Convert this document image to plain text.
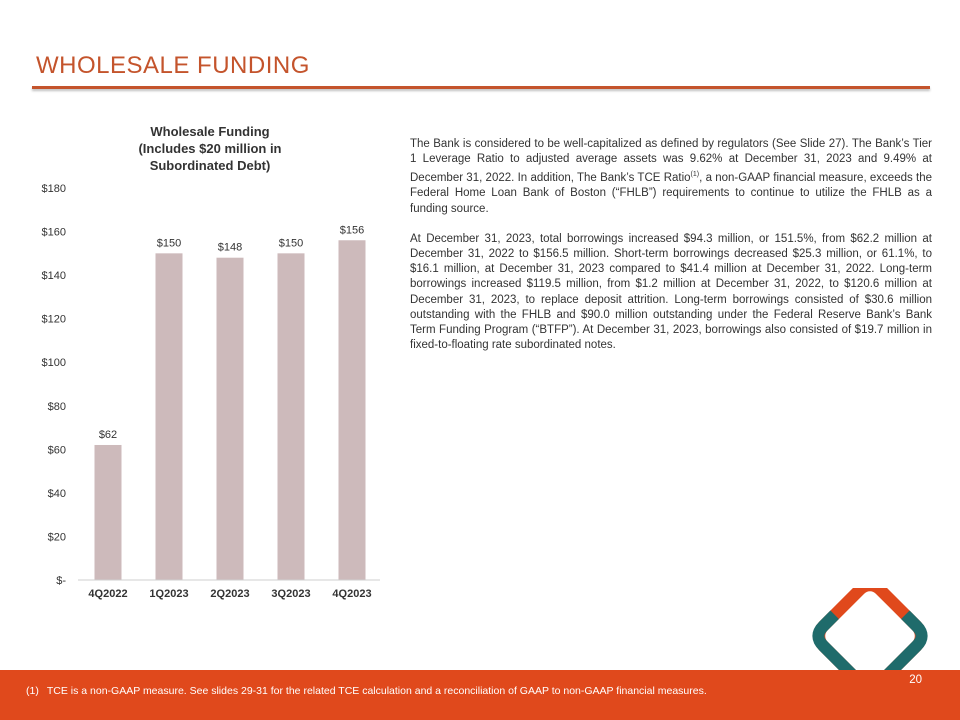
WHOLESALE FUNDING
Wholesale Funding
(Includes $20 million in
Subordinated Debt)
$-
$20
$40
$60
$80
$100
$120
$140
$160
$180
$62
4Q2022
$150
1Q2023
$148
2Q2023
$150
3Q2023
$156
4Q2023

The Bank is considered to be well-capitalized as defined by regulators (See Slide 27). The Bank’s Tier 1 Leverage Ratio to adjusted average assets was 9.62% at December 31, 2023 and 9.49% at December 31, 2022. In addition, The Bank’s TCE Ratio$^{(1)}$, a non-GAAP financial measure, exceeds the Federal Home Loan Bank of Boston (“FHLB”) requirements to continue to utilize the FHLB as a funding source.

At December 31, 2023, total borrowings increased $94.3 million, or 151.5%, from $62.2 million at December 31, 2022 to $156.5 million. Short-term borrowings decreased $25.3 million, or 61.1%, to $16.1 million, at December 31, 2023 compared to $41.4 million at December 31, 2022. Long-term borrowings increased $119.5 million, from $1.2 million at December 31, 2022, to $120.6 million at December 31, 2023, to replace deposit attrition. Long-term borrowings consisted of $30.6 million outstanding with the FHLB and $90.0 million outstanding under the Federal Reserve Bank’s Bank Term Funding Program (“BTFP”). At December 31, 2023, borrowings also consisted of $19.7 million in fixed-to-floating rate subordinated notes.

(1) TCE is a non-GAAP measure. See slides 29-31 for the related TCE calculation and a reconciliation of GAAP to non-GAAP financial measures.
20
